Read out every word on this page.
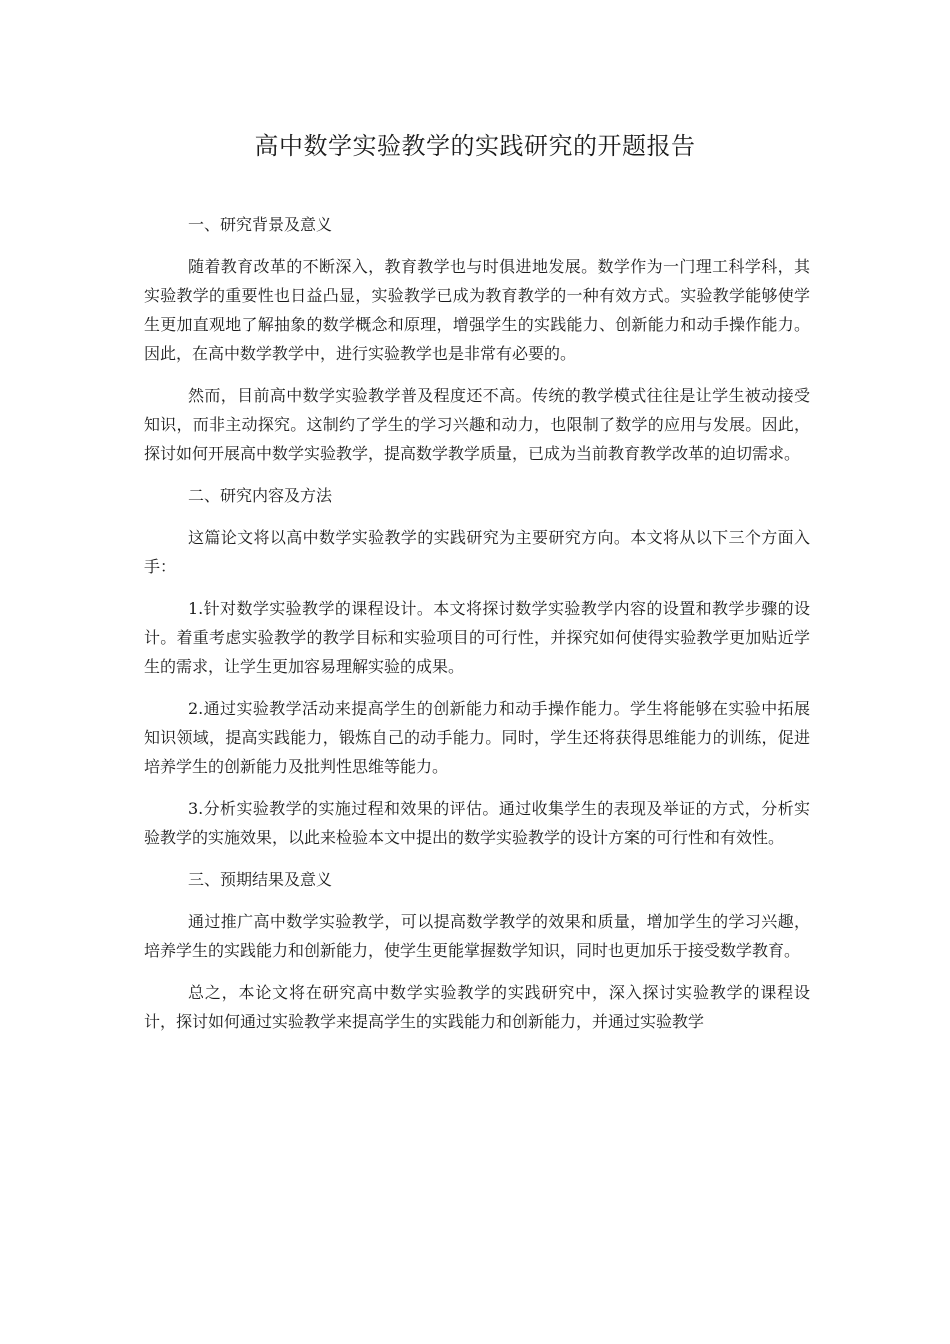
高中数学实验教学的实践研究的开题报告

一、研究背景及意义

随着教育改革的不断深入，教育教学也与时俱进地发展。数学作为一门理工科学科，其实验教学的重要性也日益凸显，实验教学已成为教育教学的一种有效方式。实验教学能够使学生更加直观地了解抽象的数学概念和原理，增强学生的实践能力、创新能力和动手操作能力。因此，在高中数学教学中，进行实验教学也是非常有必要的。

然而，目前高中数学实验教学普及程度还不高。传统的教学模式往往是让学生被动接受知识，而非主动探究。这制约了学生的学习兴趣和动力，也限制了数学的应用与发展。因此，探讨如何开展高中数学实验教学，提高数学教学质量，已成为当前教育教学改革的迫切需求。

二、研究内容及方法

这篇论文将以高中数学实验教学的实践研究为主要研究方向。本文将从以下三个方面入手：

1.针对数学实验教学的课程设计。本文将探讨数学实验教学内容的设置和教学步骤的设计。着重考虑实验教学的教学目标和实验项目的可行性，并探究如何使得实验教学更加贴近学生的需求，让学生更加容易理解实验的成果。

2.通过实验教学活动来提高学生的创新能力和动手操作能力。学生将能够在实验中拓展知识领域，提高实践能力，锻炼自己的动手能力。同时，学生还将获得思维能力的训练，促进培养学生的创新能力及批判性思维等能力。

3.分析实验教学的实施过程和效果的评估。通过收集学生的表现及举证的方式，分析实验教学的实施效果，以此来检验本文中提出的数学实验教学的设计方案的可行性和有效性。

三、预期结果及意义

通过推广高中数学实验教学，可以提高数学教学的效果和质量，增加学生的学习兴趣，培养学生的实践能力和创新能力，使学生更能掌握数学知识，同时也更加乐于接受数学教育。

总之，本论文将在研究高中数学实验教学的实践研究中，深入探讨实验教学的课程设计，探讨如何通过实验教学来提高学生的实践能力和创新能力，并通过实验教学
